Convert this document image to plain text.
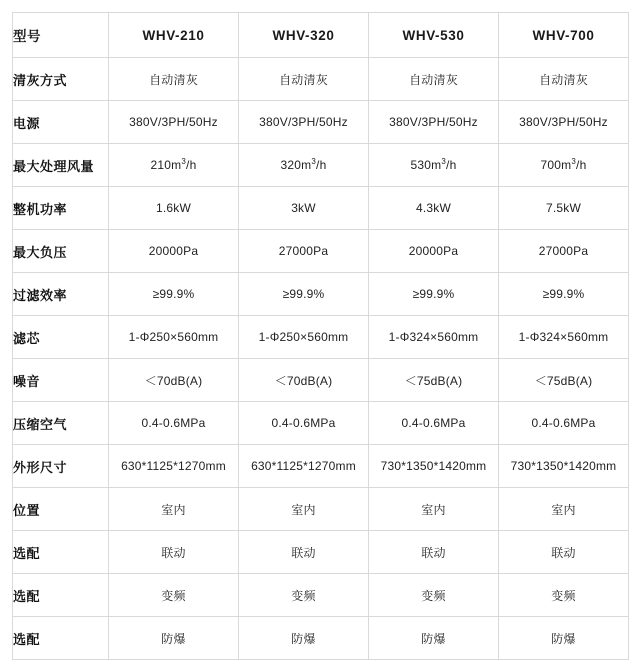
型号	WHV-210	WHV-320	WHV-530	WHV-700
清灰方式	自动清灰	自动清灰	自动清灰	自动清灰
电源	380V/3PH/50Hz	380V/3PH/50Hz	380V/3PH/50Hz	380V/3PH/50Hz
最大处理风量	$210m^3/h$	$320m^3/h$	$530m^3/h$	$700m^3/h$
整机功率	1.6kW	3kW	4.3kW	7.5kW
最大负压	20000Pa	27000Pa	20000Pa	27000Pa
过滤效率	≥99.9%	≥99.9%	≥99.9%	≥99.9%
滤芯	1-Φ250×560mm	1-Φ250×560mm	1-Φ324×560mm	1-Φ324×560mm
噪音	＜70dB(A)	＜70dB(A)	＜75dB(A)	＜75dB(A)
压缩空气	0.4-0.6MPa	0.4-0.6MPa	0.4-0.6MPa	0.4-0.6MPa
外形尺寸	630*1125*1270mm	630*1125*1270mm	730*1350*1420mm	730*1350*1420mm
位置	室内	室内	室内	室内
选配	联动	联动	联动	联动
选配	变频	变频	变频	变频
选配	防爆	防爆	防爆	防爆
